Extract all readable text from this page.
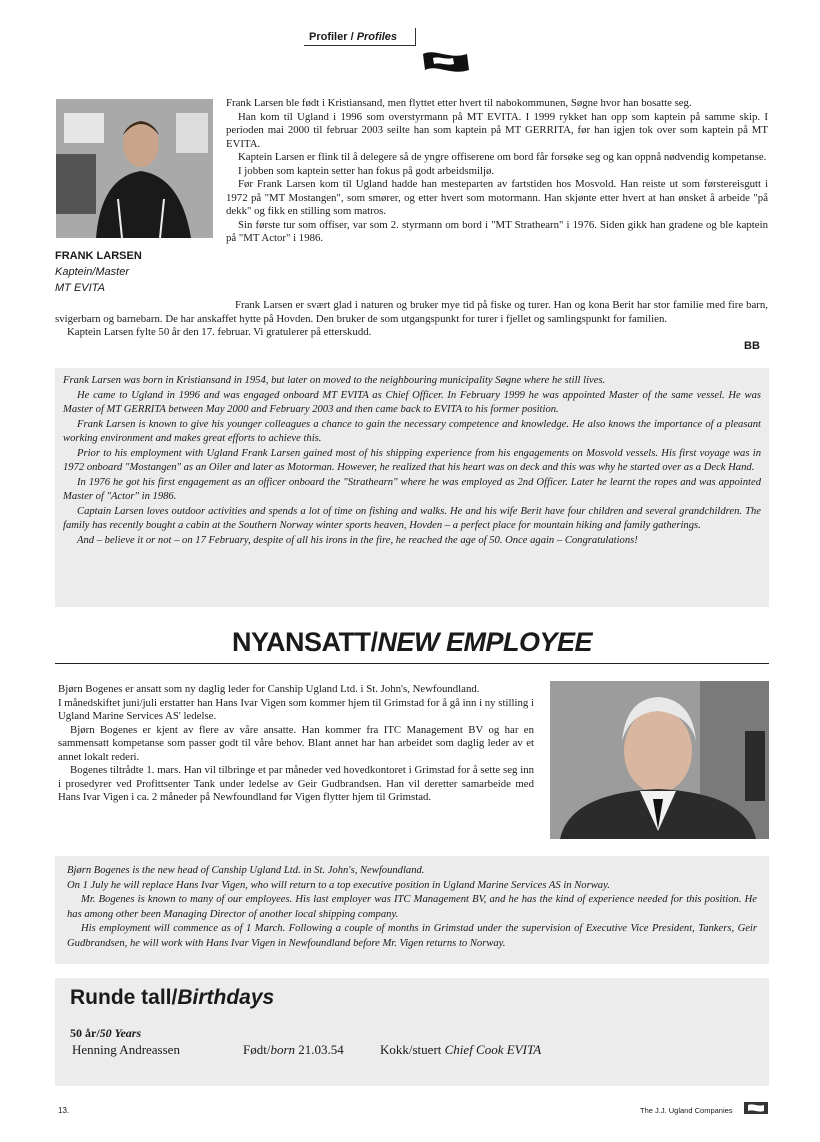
Profiler / Profiles
FRANK LARSEN
Kaptein/Master
MT EVITA

Frank Larsen ble født i Kristiansand, men flyttet etter hvert til nabokommunen, Søgne hvor han bosatte seg.

Han kom til Ugland i 1996 som overstyrmann på MT EVITA. I 1999 rykket han opp som kaptein på samme skip. I perioden mai 2000 til februar 2003 seilte han som kaptein på MT GERRITA, før han igjen tok over som kaptein på MT EVITA.

Kaptein Larsen er flink til å delegere så de yngre offiserene om bord får forsøke seg og kan oppnå nødvendig kompetanse.

I jobben som kaptein setter han fokus på godt arbeidsmiljø.

Før Frank Larsen kom til Ugland hadde han mesteparten av fartstiden hos Mosvold. Han reiste ut som førstereisgutt i 1972 på "MT Mostangen", som smører, og etter hvert som motormann. Han skjønte etter hvert at han ønsket å arbeide "på dekk" og fikk en stilling som matros.

Sin første tur som offiser, var som 2. styrmann om bord i "MT Strathearn" i 1976. Siden gikk han gradene og ble kaptein på "MT Actor" i 1986.

Frank Larsen er svært glad i naturen og bruker mye tid på fiske og turer. Han og kona Berit har stor familie med fire barn, svigerbarn og barnebarn. De har anskaffet hytte på Hovden. Den bruker de som utgangspunkt for turer i fjellet og samlingspunkt for familien.

Kaptein Larsen fylte 50 år den 17. februar. Vi gratulerer på etterskudd.

BB

Frank Larsen was born in Kristiansand in 1954, but later on moved to the neighbouring municipality Søgne where he still lives.

He came to Ugland in 1996 and was engaged onboard MT EVITA as Chief Officer. In February 1999 he was appointed Master of the same vessel. He was Master of MT GERRITA between May 2000 and February 2003 and then came back to EVITA to his former position.

Frank Larsen is known to give his younger colleagues a chance to gain the necessary competence and knowledge. He also knows the importance of a pleasant working environment and makes great efforts to achieve this.

Prior to his employment with Ugland Frank Larsen gained most of his shipping experience from his engagements on Mosvold vessels. His first voyage was in 1972 onboard "Mostangen" as an Oiler and later as Motorman. However, he realized that his heart was on deck and this was why he started over as a Deck Hand.

In 1976 he got his first engagement as an officer onboard the "Strathearn" where he was employed as 2nd Officer. Later he learnt the ropes and was appointed Master of "Actor" in 1986.

Captain Larsen loves outdoor activities and spends a lot of time on fishing and walks. He and his wife Berit have four children and several grandchildren. The family has recently bought a cabin at the Southern Norway winter sports heaven, Hovden – a perfect place for mountain hiking and family gatherings.

And – believe it or not – on 17 February, despite of all his irons in the fire, he reached the age of 50. Once again – Congratulations!

NYANSATT/NEW EMPLOYEE

Bjørn Bogenes er ansatt som ny daglig leder for Canship Ugland Ltd. i St. John's, Newfoundland.

I månedskiftet juni/juli erstatter han Hans Ivar Vigen som kommer hjem til Grimstad for å gå inn i ny stilling i Ugland Marine Services AS' ledelse.

Bjørn Bogenes er kjent av flere av våre ansatte. Han kommer fra ITC Management BV og har en sammensatt kompetanse som passer godt til våre behov. Blant annet har han arbeidet som daglig leder av et annet lokalt rederi.

Bogenes tiltrådte 1. mars. Han vil tilbringe et par måneder ved hovedkontoret i Grimstad for å sette seg inn i prosedyrer ved Profittsenter Tank under ledelse av Geir Gudbrandsen. Han vil deretter samarbeide med Hans Ivar Vigen i ca. 2 måneder på Newfoundland før Vigen flytter hjem til Grimstad.

Bjørn Bogenes is the new head of Canship Ugland Ltd. in St. John's, Newfoundland.

On 1 July he will replace Hans Ivar Vigen, who will return to a top executive position in Ugland Marine Services AS in Norway.

Mr. Bogenes is known to many of our employees. His last employer was ITC Management BV, and he has the kind of experience needed for this position. He has among other been Managing Director of another local shipping company.

His employment will commence as of 1 March. Following a couple of months in Grimstad under the supervision of Executive Vice President, Tankers, Geir Gudbrandsen, he will work with Hans Ivar Vigen in Newfoundland before Mr. Vigen returns to Norway.

Runde tall/Birthdays
50 år/50 Years
Henning Andreassen	Født/born 21.03.54	Kokk/stuert Chief Cook EVITA
13.	The J.J. Ugland Companies
